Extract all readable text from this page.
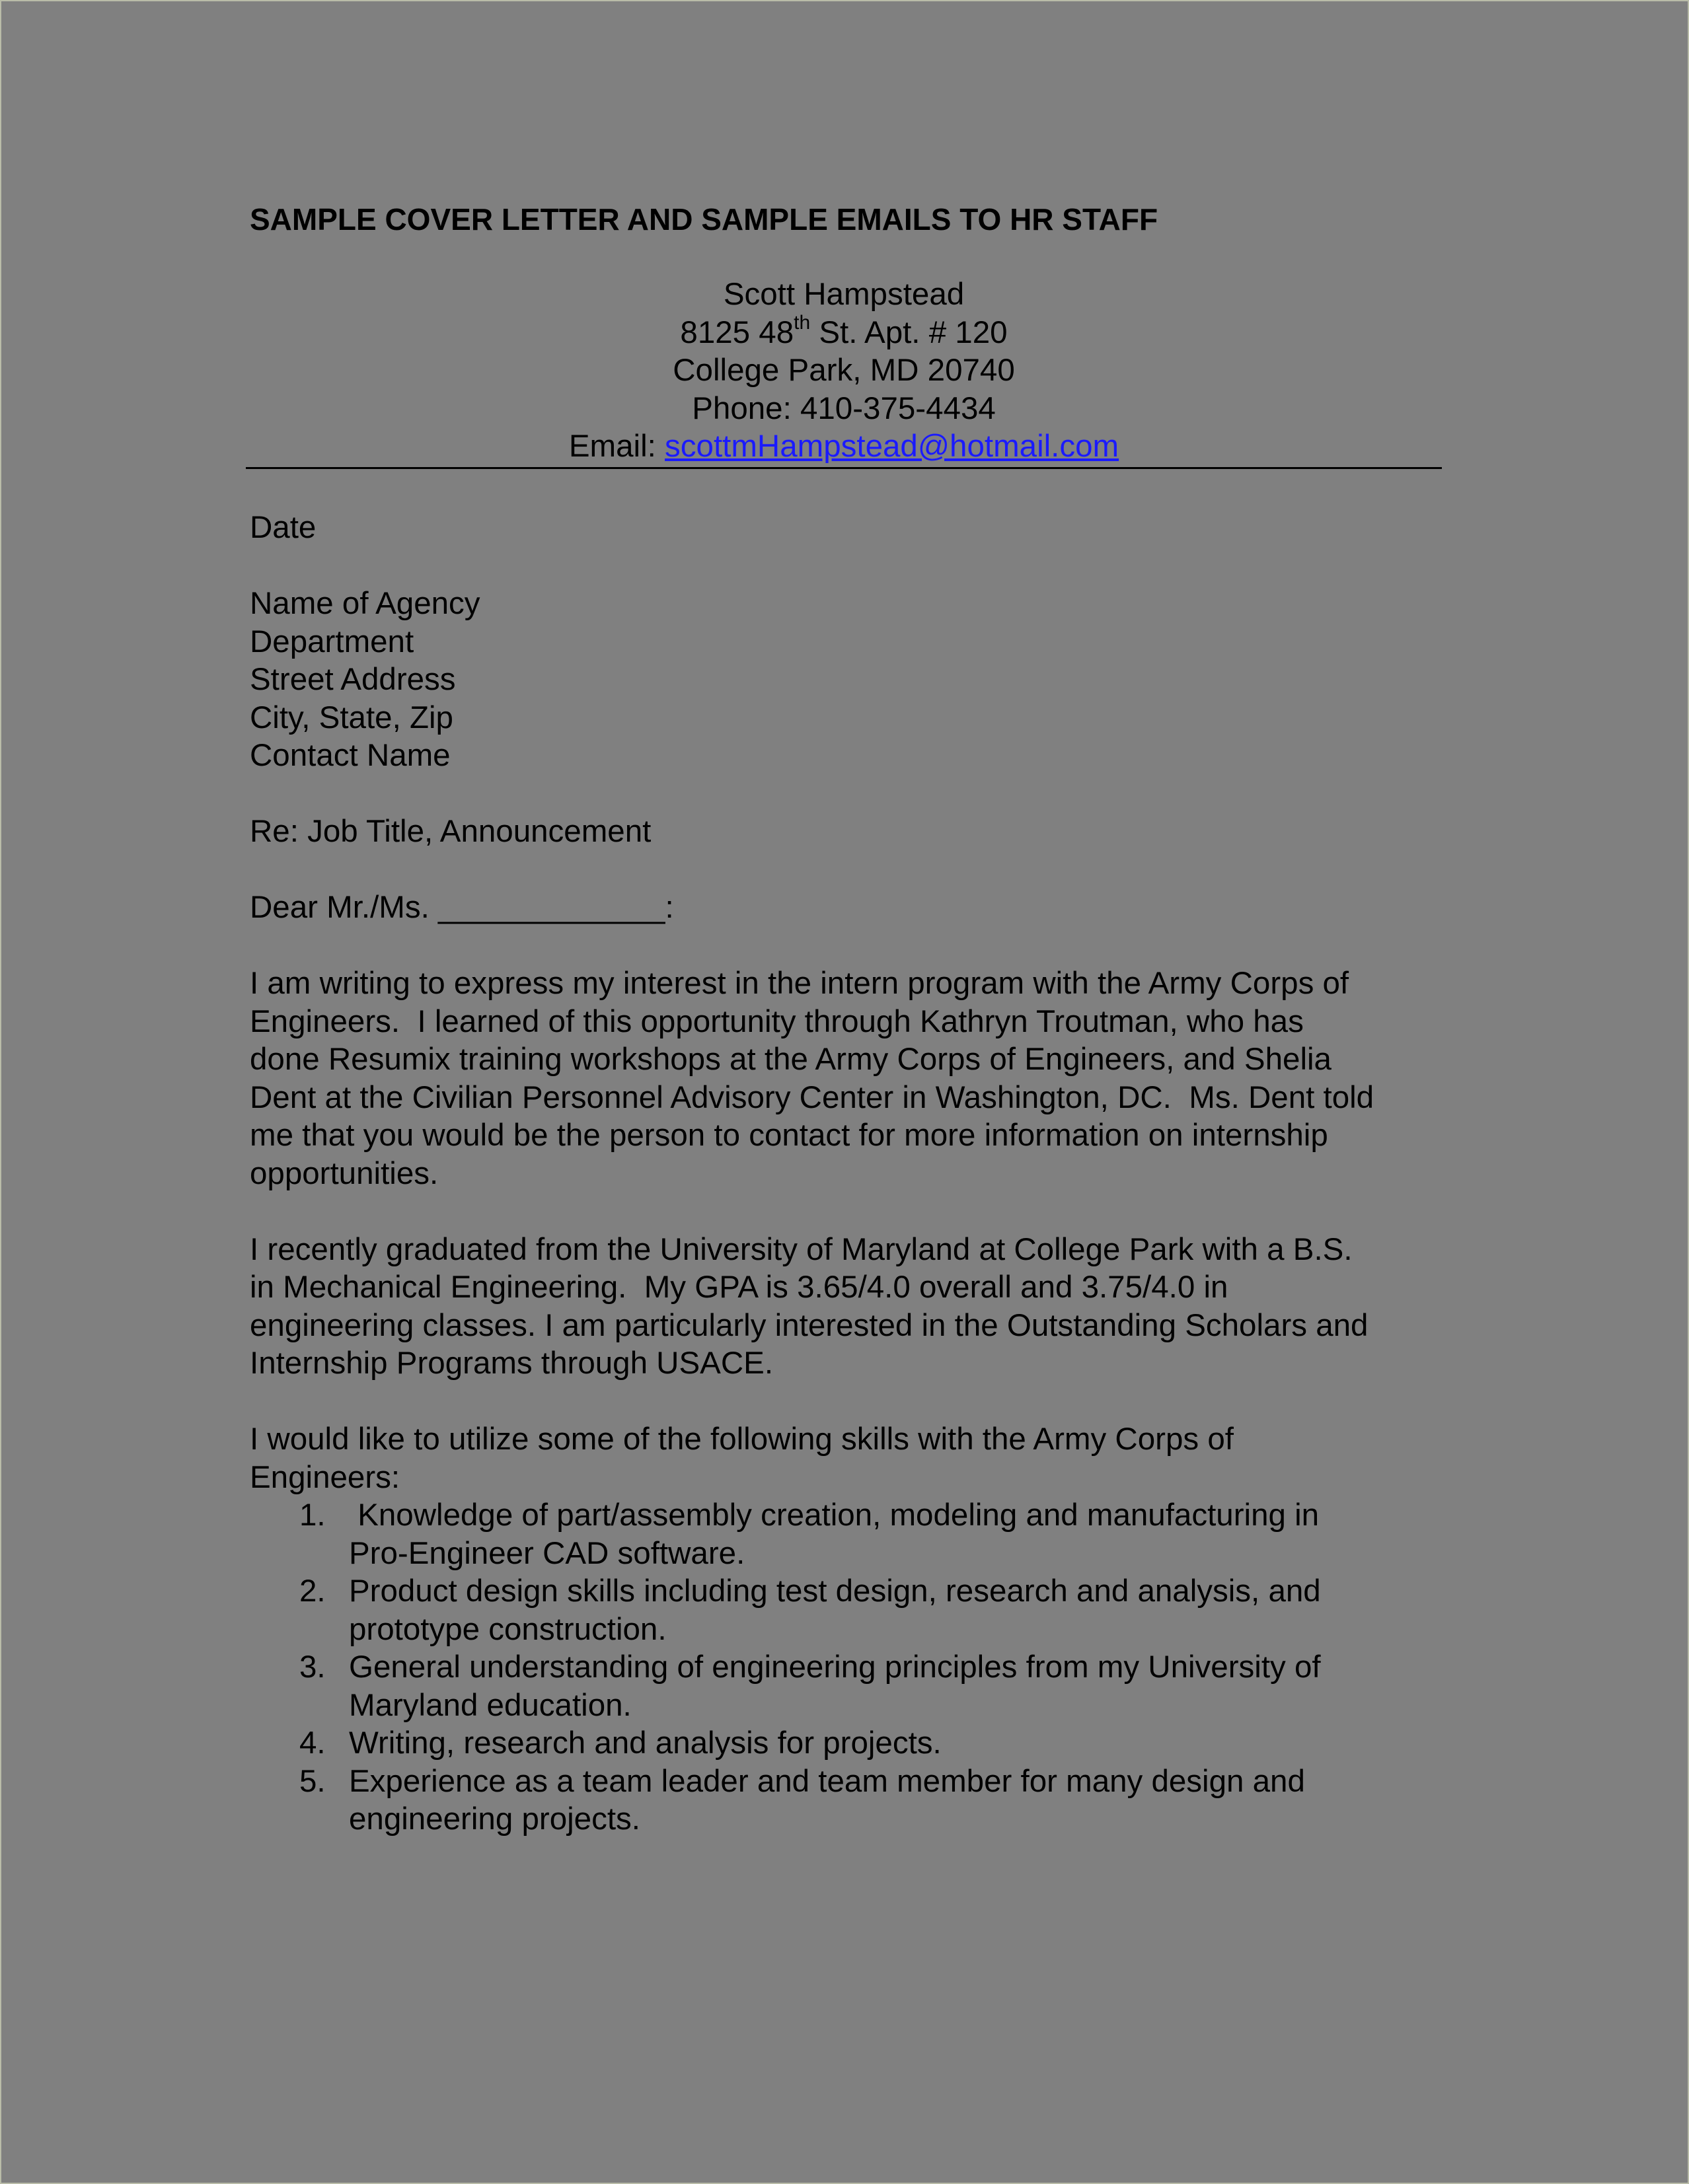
SAMPLE COVER LETTER AND SAMPLE EMAILS TO HR STAFF
Scott Hampstead
8125 48th St. Apt. # 120
College Park, MD 20740
Phone: 410-375-4434
Email: scottmHampstead@hotmail.com
Date
Name of Agency
Department
Street Address
City, State, Zip
Contact Name
Re: Job Title, Announcement
Dear Mr./Ms. _____________:
I am writing to express my interest in the intern program with the Army Corps of
Engineers.  I learned of this opportunity through Kathryn Troutman, who has
done Resumix training workshops at the Army Corps of Engineers, and Shelia
Dent at the Civilian Personnel Advisory Center in Washington, DC.  Ms. Dent told
me that you would be the person to contact for more information on internship
opportunities.
I recently graduated from the University of Maryland at College Park with a B.S.
in Mechanical Engineering.  My GPA is 3.65/4.0 overall and 3.75/4.0 in
engineering classes. I am particularly interested in the Outstanding Scholars and
Internship Programs through USACE.
I would like to utilize some of the following skills with the Army Corps of
Engineers:
1. Knowledge of part/assembly creation, modeling and manufacturing in
Pro-Engineer CAD software.
2. Product design skills including test design, research and analysis, and
prototype construction.
3. General understanding of engineering principles from my University of
Maryland education.
4. Writing, research and analysis for projects.
5. Experience as a team leader and team member for many design and
engineering projects.
